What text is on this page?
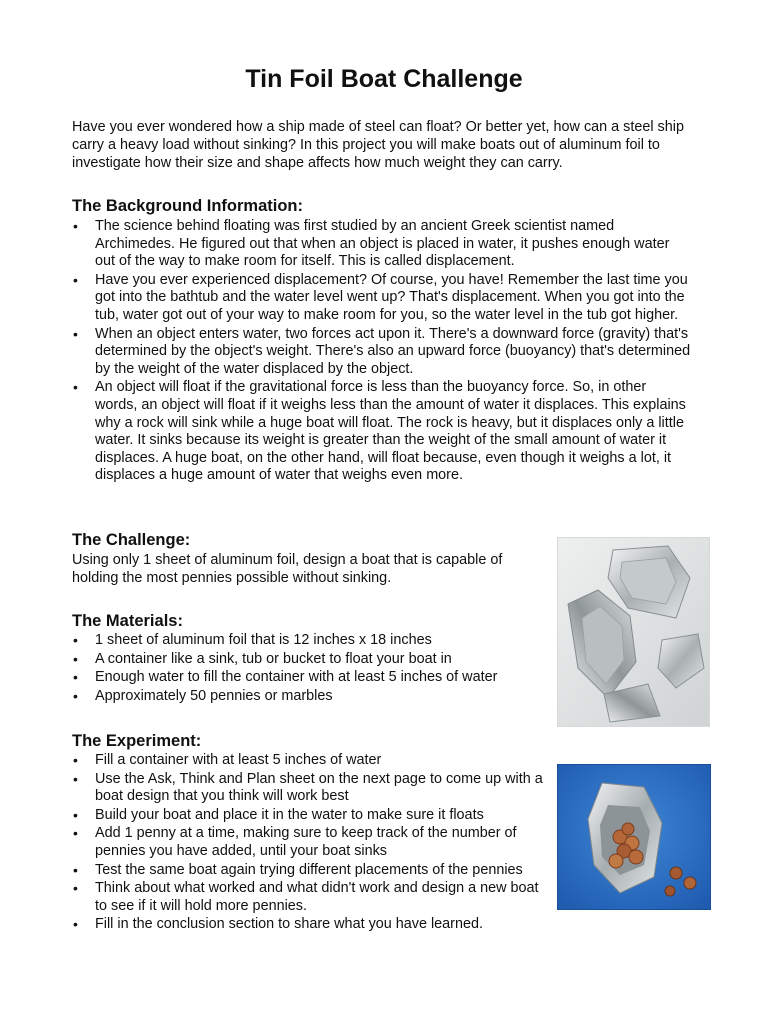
Tin Foil Boat Challenge
Have you ever wondered how a ship made of steel can float? Or better yet, how can a steel ship carry a heavy load without sinking? In this project you will make boats out of aluminum foil to investigate how their size and shape affects how much weight they can carry.
The Background Information:
• The science behind floating was first studied by an ancient Greek scientist named Archimedes. He figured out that when an object is placed in water, it pushes enough water out of the way to make room for itself. This is called displacement.
• Have you ever experienced displacement? Of course, you have! Remember the last time you got into the bathtub and the water level went up? That's displacement. When you got into the tub, water got out of your way to make room for you, so the water level in the tub got higher.
• When an object enters water, two forces act upon it. There's a downward force (gravity) that's determined by the object's weight. There's also an upward force (buoyancy) that's determined by the weight of the water displaced by the object.
• An object will float if the gravitational force is less than the buoyancy force. So, in other words, an object will float if it weighs less than the amount of water it displaces. This explains why a rock will sink while a huge boat will float. The rock is heavy, but it displaces only a little water. It sinks because its weight is greater than the weight of the small amount of water it displaces. A huge boat, on the other hand, will float because, even though it weighs a lot, it displaces a huge amount of water that weighs even more.
The Challenge:
Using only 1 sheet of aluminum foil, design a boat that is capable of holding the most pennies possible without sinking.
The Materials:
• 1 sheet of aluminum foil that is 12 inches x 18 inches
• A container like a sink, tub or bucket to float your boat in
• Enough water to fill the container with at least 5 inches of water
• Approximately 50 pennies or marbles
The Experiment:
• Fill a container with at least 5 inches of water
• Use the Ask, Think and Plan sheet on the next page to come up with a boat design that you think will work best
• Build your boat and place it in the water to make sure it floats
• Add 1 penny at a time, making sure to keep track of the number of pennies you have added, until your boat sinks
• Test the same boat again trying different placements of the pennies
• Think about what worked and what didn't work and design a new boat to see if it will hold more pennies.
• Fill in the conclusion section to share what you have learned.
